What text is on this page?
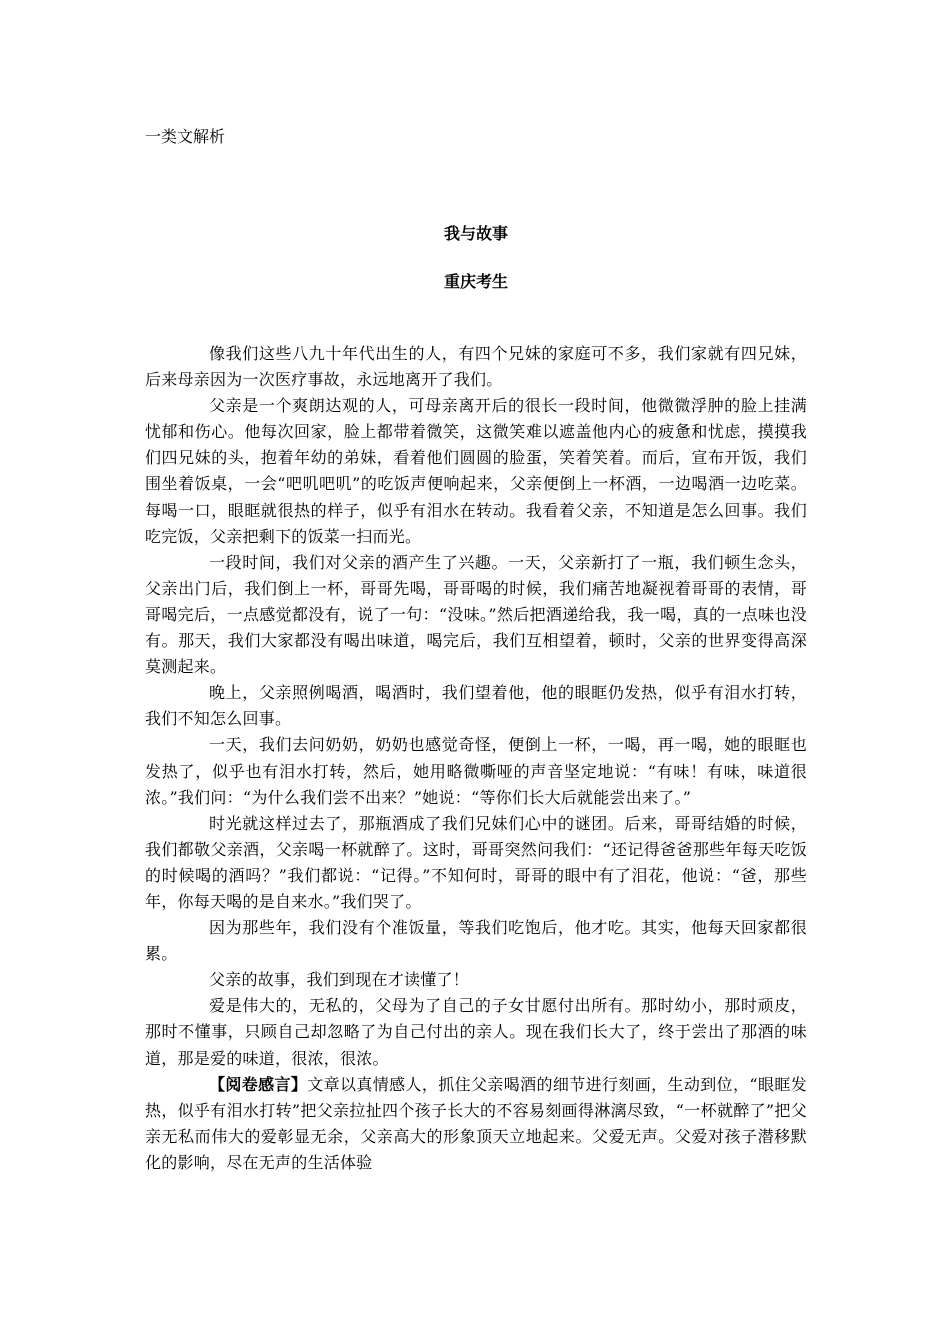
一类文解析
我与故事
重庆考生

像我们这些八九十年代出生的人，有四个兄妹的家庭可不多，我们家就有四兄妹，后来母亲因为一次医疗事故，永远地离开了我们。

父亲是一个爽朗达观的人，可母亲离开后的很长一段时间，他微微浮肿的脸上挂满忧郁和伤心。他每次回家，脸上都带着微笑，这微笑难以遮盖他内心的疲惫和忧虑，摸摸我们四兄妹的头，抱着年幼的弟妹，看着他们圆圆的脸蛋，笑着笑着。而后，宣布开饭，我们围坐着饭桌，一会“吧叽吧叽”的吃饭声便响起来，父亲便倒上一杯酒，一边喝酒一边吃菜。每喝一口，眼眶就很热的样子，似乎有泪水在转动。我看着父亲，不知道是怎么回事。我们吃完饭，父亲把剩下的饭菜一扫而光。

一段时间，我们对父亲的酒产生了兴趣。一天，父亲新打了一瓶，我们顿生念头，父亲出门后，我们倒上一杯，哥哥先喝，哥哥喝的时候，我们痛苦地凝视着哥哥的表情，哥哥喝完后，一点感觉都没有，说了一句：“没味。”然后把酒递给我，我一喝，真的一点味也没有。那天，我们大家都没有喝出味道，喝完后，我们互相望着，顿时，父亲的世界变得高深莫测起来。

晚上，父亲照例喝酒，喝酒时，我们望着他，他的眼眶仍发热，似乎有泪水打转，我们不知怎么回事。

一天，我们去问奶奶，奶奶也感觉奇怪，便倒上一杯，一喝，再一喝，她的眼眶也发热了，似乎也有泪水打转，然后，她用略微嘶哑的声音坚定地说：“有味！有味，味道很浓。”我们问：“为什么我们尝不出来？”她说：“等你们长大后就能尝出来了。”

时光就这样过去了，那瓶酒成了我们兄妹们心中的谜团。后来，哥哥结婚的时候，我们都敬父亲酒，父亲喝一杯就醉了。这时，哥哥突然问我们：“还记得爸爸那些年每天吃饭的时候喝的酒吗？”我们都说：“记得。”不知何时，哥哥的眼中有了泪花，他说：“爸，那些年，你每天喝的是自来水。”我们哭了。

因为那些年，我们没有个准饭量，等我们吃饱后，他才吃。其实，他每天回家都很累。

父亲的故事，我们到现在才读懂了！

爱是伟大的，无私的，父母为了自己的子女甘愿付出所有。那时幼小，那时顽皮，那时不懂事，只顾自己却忽略了为自己付出的亲人。现在我们长大了，终于尝出了那酒的味道，那是爱的味道，很浓，很浓。

【阅卷感言】文章以真情感人，抓住父亲喝酒的细节进行刻画，生动到位，“眼眶发热，似乎有泪水打转”把父亲拉扯四个孩子长大的不容易刻画得淋漓尽致，“一杯就醉了”把父亲无私而伟大的爱彰显无余，父亲高大的形象顶天立地起来。父爱无声。父爱对孩子潜移默化的影响，尽在无声的生活体验
